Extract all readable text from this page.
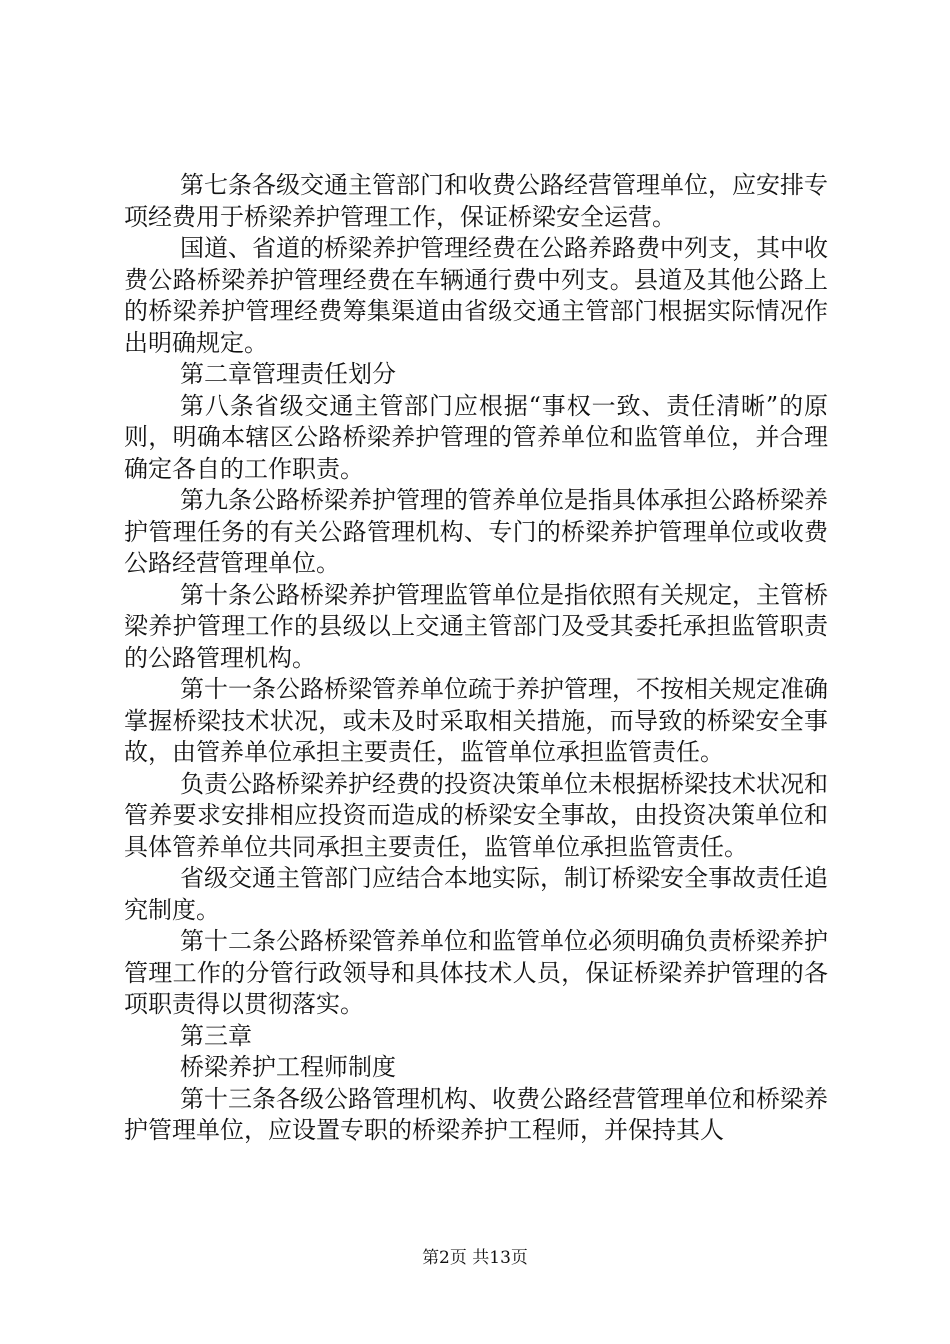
第七条各级交通主管部门和收费公路经营管理单位，应安排专项经费用于桥梁养护管理工作，保证桥梁安全运营。

国道、省道的桥梁养护管理经费在公路养路费中列支，其中收费公路桥梁养护管理经费在车辆通行费中列支。县道及其他公路上的桥梁养护管理经费筹集渠道由省级交通主管部门根据实际情况作出明确规定。

第二章管理责任划分

第八条省级交通主管部门应根据“事权一致、责任清晰”的原则，明确本辖区公路桥梁养护管理的管养单位和监管单位，并合理确定各自的工作职责。

第九条公路桥梁养护管理的管养单位是指具体承担公路桥梁养护管理任务的有关公路管理机构、专门的桥梁养护管理单位或收费公路经营管理单位。

第十条公路桥梁养护管理监管单位是指依照有关规定，主管桥梁养护管理工作的县级以上交通主管部门及受其委托承担监管职责的公路管理机构。

第十一条公路桥梁管养单位疏于养护管理，不按相关规定准确掌握桥梁技术状况，或未及时采取相关措施，而导致的桥梁安全事故，由管养单位承担主要责任，监管单位承担监管责任。

负责公路桥梁养护经费的投资决策单位未根据桥梁技术状况和管养要求安排相应投资而造成的桥梁安全事故，由投资决策单位和具体管养单位共同承担主要责任，监管单位承担监管责任。

省级交通主管部门应结合本地实际，制订桥梁安全事故责任追究制度。

第十二条公路桥梁管养单位和监管单位必须明确负责桥梁养护管理工作的分管行政领导和具体技术人员，保证桥梁养护管理的各项职责得以贯彻落实。

第三章

桥梁养护工程师制度

第十三条各级公路管理机构、收费公路经营管理单位和桥梁养护管理单位，应设置专职的桥梁养护工程师，并保持其人

第2页 共13页
